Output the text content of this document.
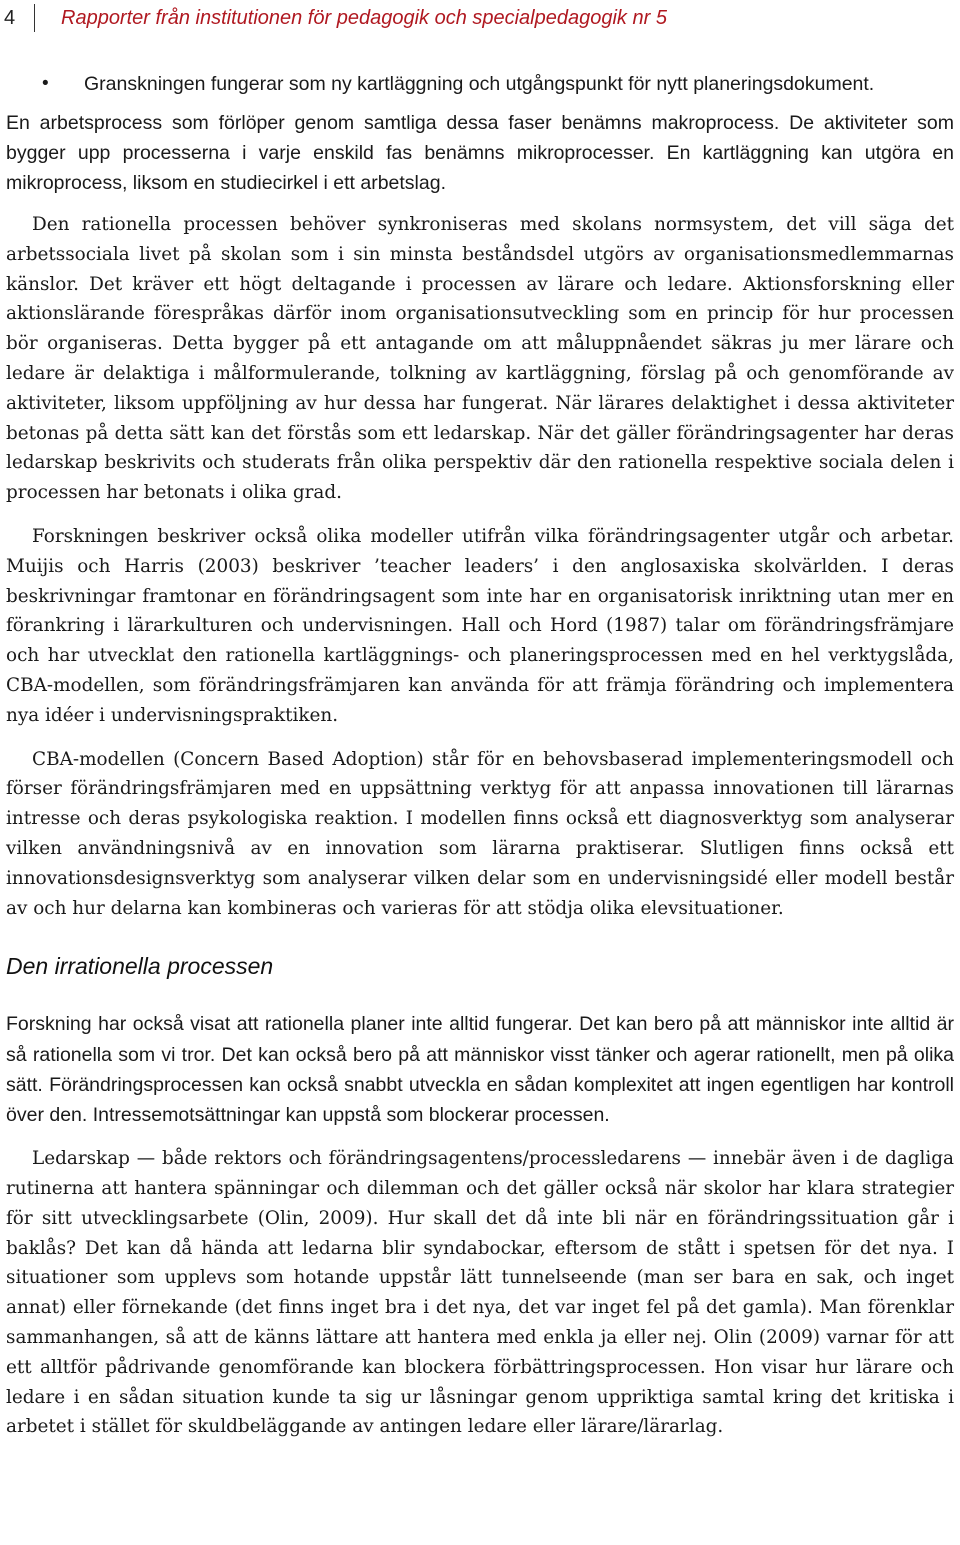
4 Rapporter från institutionen för pedagogik och specialpedagogik nr 5
• Granskningen fungerar som ny kartläggning och utgångspunkt för nytt planeringsdokument.

En arbetsprocess som förlöper genom samtliga dessa faser benämns makroprocess. De aktiviteter som bygger upp processerna i varje enskild fas benämns mikroprocesser. En kartläggning kan utgöra en mikroprocess, liksom en studiecirkel i ett arbetslag.

Den rationella processen behöver synkroniseras med skolans normsystem, det vill säga det arbetssociala livet på skolan som i sin minsta beståndsdel utgörs av organisationsmedlemmarnas känslor. Det kräver ett högt deltagande i processen av lärare och ledare. Aktionsforskning eller aktionslärande förespråkas därför inom organisationsutveckling som en princip för hur processen bör organiseras. Detta bygger på ett antagande om att måluppnåendet säkras ju mer lärare och ledare är delaktiga i målformulerande, tolkning av kartläggning, förslag på och genomförande av aktiviteter, liksom uppföljning av hur dessa har fungerat. När lärares delaktighet i dessa aktiviteter betonas på detta sätt kan det förstås som ett ledarskap. När det gäller förändringsagenter har deras ledarskap beskrivits och studerats från olika perspektiv där den rationella respektive sociala delen i processen har betonats i olika grad.

Forskningen beskriver också olika modeller utifrån vilka förändringsagenter utgår och arbetar. Muijis och Harris (2003) beskriver ’teacher leaders’ i den anglosaxiska skolvärlden. I deras beskrivningar framtonar en förändringsagent som inte har en organisatorisk inriktning utan mer en förankring i lärarkulturen och undervisningen. Hall och Hord (1987) talar om förändringsfrämjare och har utvecklat den rationella kartläggnings- och planeringsprocessen med en hel verktygslåda, CBA-modellen, som förändringsfrämjaren kan använda för att främja förändring och implementera nya idéer i undervisningspraktiken.

CBA-modellen (Concern Based Adoption) står för en behovsbaserad implementeringsmodell och förser förändringsfrämjaren med en uppsättning verktyg för att anpassa innovationen till lärarnas intresse och deras psykologiska reaktion. I modellen finns också ett diagnosverktyg som analyserar vilken användningsnivå av en innovation som lärarna praktiserar. Slutligen finns också ett innovationsdesignsverktyg som analyserar vilken delar som en undervisningsidé eller modell består av och hur delarna kan kombineras och varieras för att stödja olika elevsituationer.

Den irrationella processen

Forskning har också visat att rationella planer inte alltid fungerar. Det kan bero på att människor inte alltid är så rationella som vi tror. Det kan också bero på att människor visst tänker och agerar rationellt, men på olika sätt. Förändringsprocessen kan också snabbt utveckla en sådan komplexitet att ingen egentligen har kontroll över den. Intressemotsättningar kan uppstå som blockerar processen.

Ledarskap — både rektors och förändringsagentens/processledarens — innebär även i de dagliga rutinerna att hantera spänningar och dilemman och det gäller också när skolor har klara strategier för sitt utvecklingsarbete (Olin, 2009). Hur skall det då inte bli när en förändringssituation går i baklås? Det kan då hända att ledarna blir syndabockar, eftersom de stått i spetsen för det nya. I situationer som upplevs som hotande uppstår lätt tunnelseende (man ser bara en sak, och inget annat) eller förnekande (det finns inget bra i det nya, det var inget fel på det gamla). Man förenklar sammanhangen, så att de känns lättare att hantera med enkla ja eller nej. Olin (2009) varnar för att ett alltför pådrivande genomförande kan blockera förbättringsprocessen. Hon visar hur lärare och ledare i en sådan situation kunde ta sig ur låsningar genom uppriktiga samtal kring det kritiska i arbetet i stället för skuldbeläggande av antingen ledare eller lärare/lärarlag.
